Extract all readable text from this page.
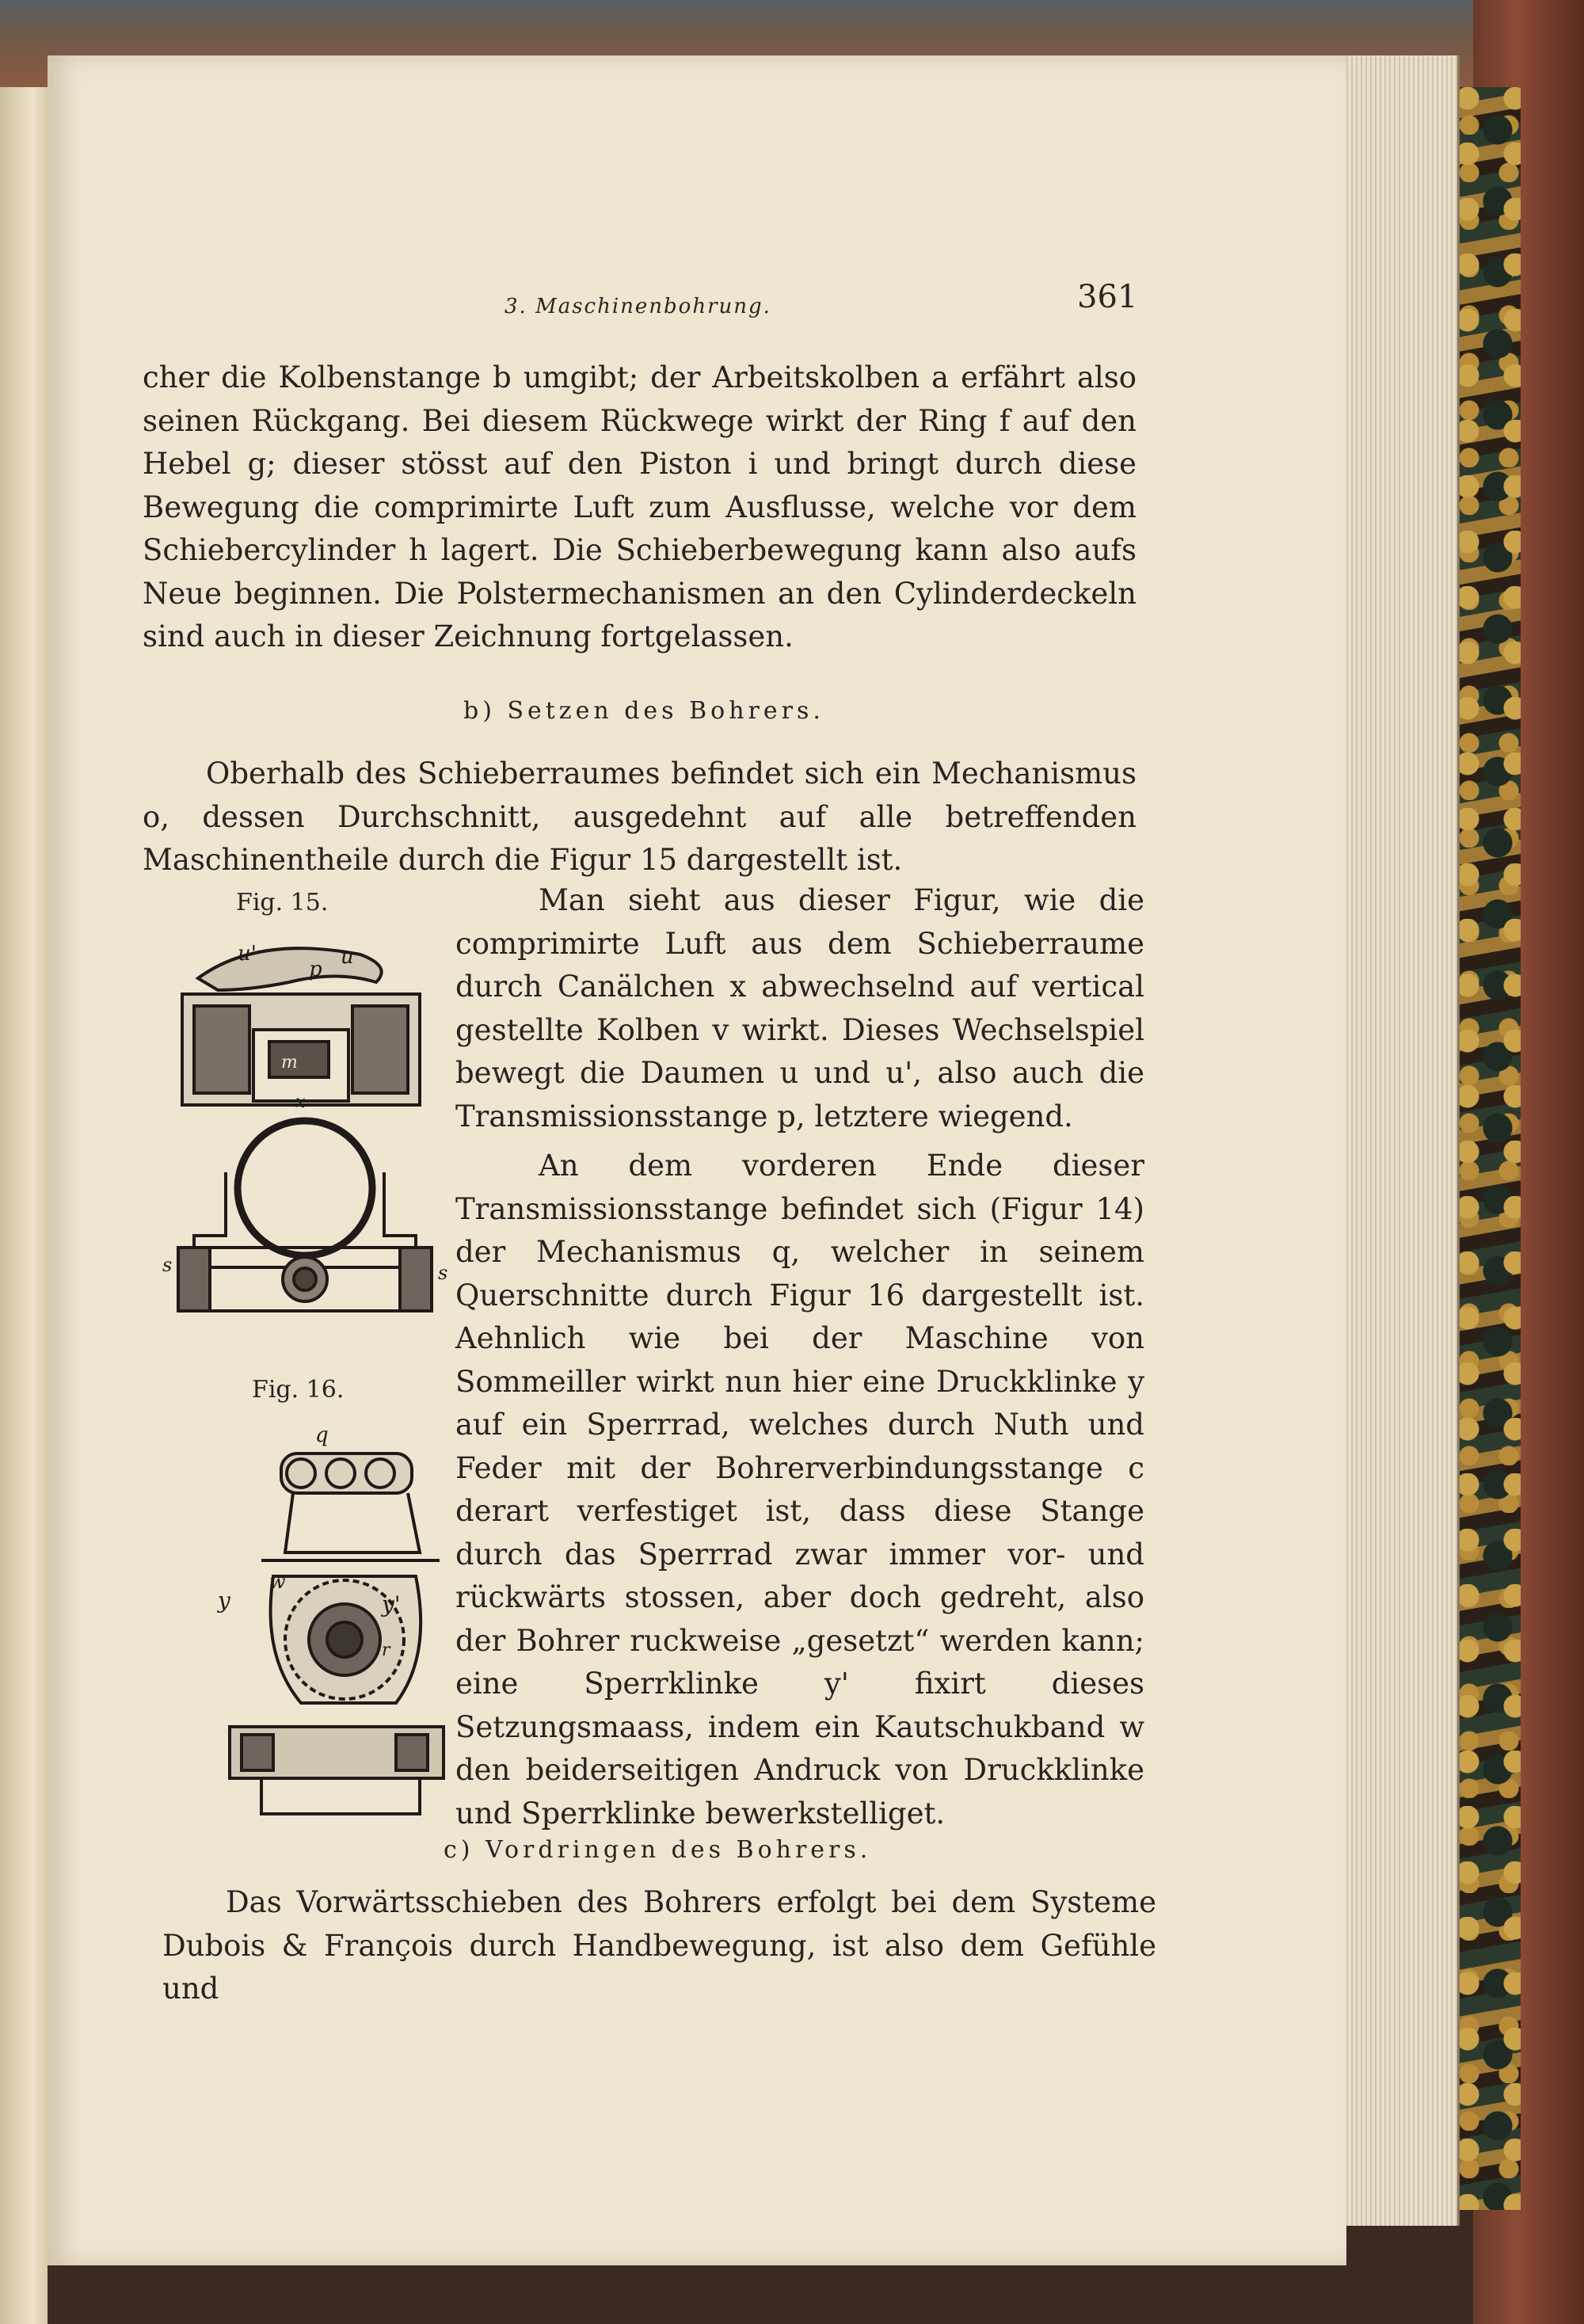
3. Maschinenbohrung.	361

cher die Kolbenstange b umgibt; der Arbeitskolben a erfährt also seinen Rückgang. Bei diesem Rückwege wirkt der Ring f auf den Hebel g; dieser stösst auf den Piston i und bringt durch diese Bewegung die comprimirte Luft zum Ausflusse, welche vor dem Schiebercylinder h lagert. Die Schieberbewegung kann also aufs Neue beginnen. Die Polstermechanismen an den Cylinderdeckeln sind auch in dieser Zeichnung fortgelassen.

b) Setzen des Bohrers.

Oberhalb des Schieberraumes befindet sich ein Mechanismus o, dessen Durchschnitt, ausgedehnt auf alle betreffenden Maschinentheile durch die Figur 15 dargestellt ist.

Fig. 15.
u'
p
u
m
x
s	s
Fig. 16.
q
w
y	y'
r

Man sieht aus dieser Figur, wie die comprimirte Luft aus dem Schieberraume durch Canälchen x abwechselnd auf vertical gestellte Kolben v wirkt. Dieses Wechselspiel bewegt die Daumen u und u', also auch die Transmissionsstange p, letztere wiegend.

An dem vorderen Ende dieser Transmissionsstange befindet sich (Figur 14) der Mechanismus q, welcher in seinem Querschnitte durch Figur 16 dargestellt ist. Aehnlich wie bei der Maschine von Sommeiller wirkt nun hier eine Druckklinke y auf ein Sperrrad, welches durch Nuth und Feder mit der Bohrerverbindungsstange c derart verfestiget ist, dass diese Stange durch das Sperrrad zwar immer vor- und rückwärts stossen, aber doch gedreht, also der Bohrer ruckweise „gesetzt“ werden kann; eine Sperrklinke y' fixirt dieses Setzungsmaass, indem ein Kautschukband w den beiderseitigen Andruck von Druckklinke und Sperrklinke bewerkstelliget.

c) Vordringen des Bohrers.

Das Vorwärtsschieben des Bohrers erfolgt bei dem Systeme Dubois & François durch Handbewegung, ist also dem Gefühle und
